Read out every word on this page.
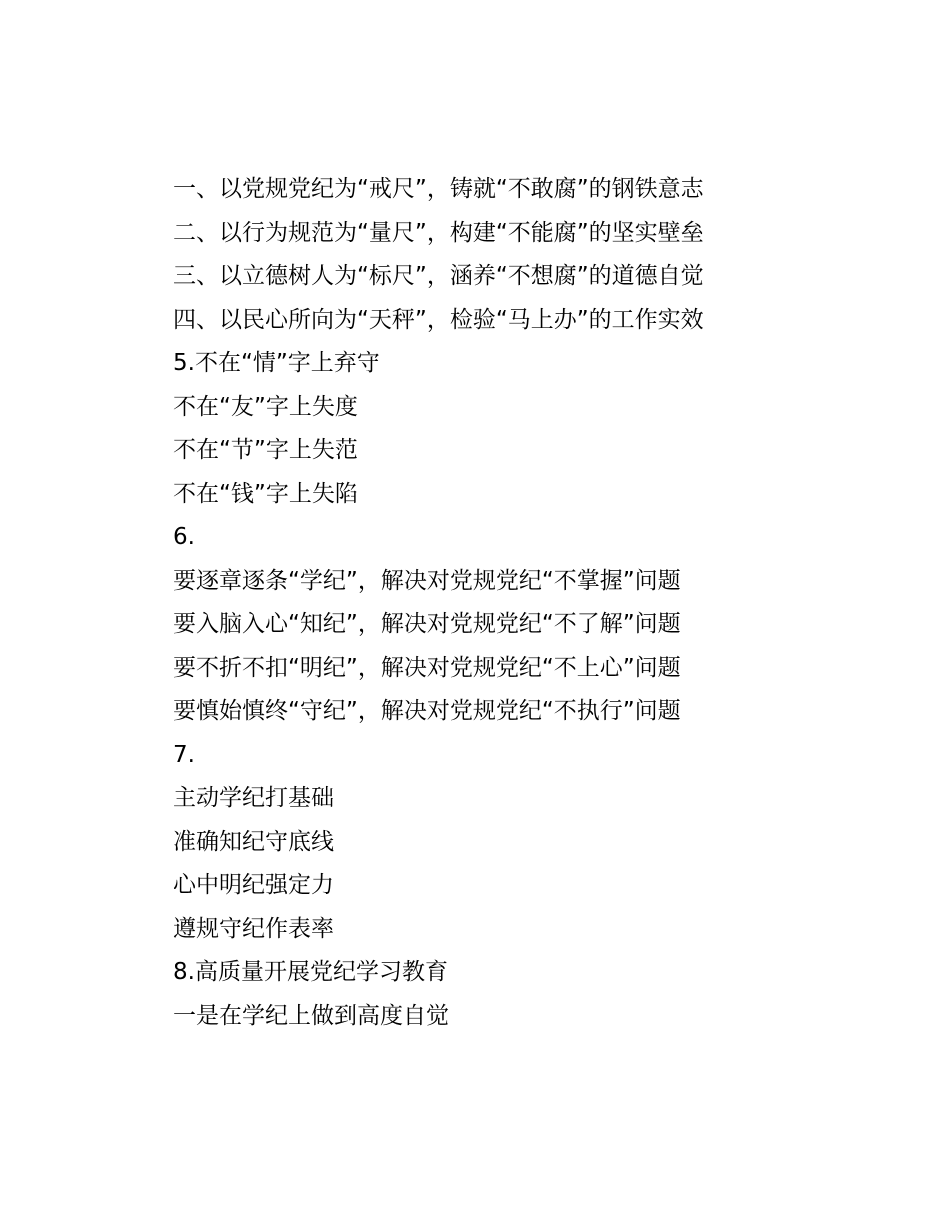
一、以党规党纪为“戒尺”，铸就“不敢腐”的钢铁意志
二、以行为规范为“量尺”，构建“不能腐”的坚实壁垒
三、以立德树人为“标尺”，涵养“不想腐”的道德自觉
四、以民心所向为“天秤”，检验“马上办”的工作实效
5.不在“情”字上弃守
不在“友”字上失度
不在“节”字上失范
不在“钱”字上失陷
6.
要逐章逐条“学纪”，解决对党规党纪“不掌握”问题
要入脑入心“知纪”，解决对党规党纪“不了解”问题
要不折不扣“明纪”，解决对党规党纪“不上心”问题
要慎始慎终“守纪”，解决对党规党纪“不执行”问题
7.
主动学纪打基础
准确知纪守底线
心中明纪强定力
遵规守纪作表率
8.高质量开展党纪学习教育
一是在学纪上做到高度自觉
